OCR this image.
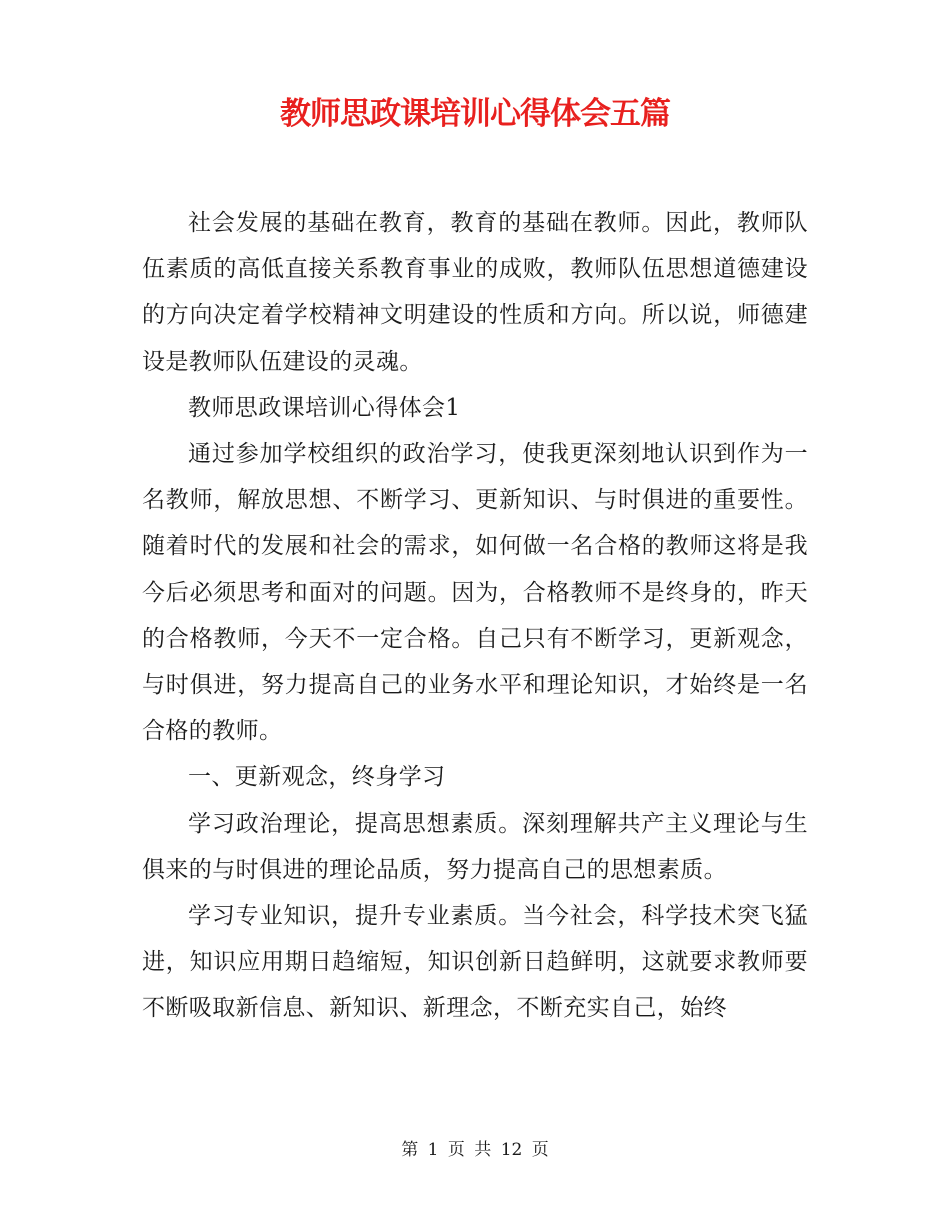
教师思政课培训心得体会五篇

社会发展的基础在教育，教育的基础在教师。因此，教师队伍素质的高低直接关系教育事业的成败，教师队伍思想道德建设的方向决定着学校精神文明建设的性质和方向。所以说，师德建设是教师队伍建设的灵魂。

教师思政课培训心得体会1

通过参加学校组织的政治学习，使我更深刻地认识到作为一名教师，解放思想、不断学习、更新知识、与时俱进的重要性。随着时代的发展和社会的需求，如何做一名合格的教师这将是我今后必须思考和面对的问题。因为，合格教师不是终身的，昨天的合格教师，今天不一定合格。自己只有不断学习，更新观念，与时俱进，努力提高自己的业务水平和理论知识，才始终是一名合格的教师。

一、更新观念，终身学习

学习政治理论，提高思想素质。深刻理解共产主义理论与生俱来的与时俱进的理论品质，努力提高自己的思想素质。

学习专业知识，提升专业素质。当今社会，科学技术突飞猛进，知识应用期日趋缩短，知识创新日趋鲜明，这就要求教师要不断吸取新信息、新知识、新理念，不断充实自己，始终

第 1 页 共 12 页
